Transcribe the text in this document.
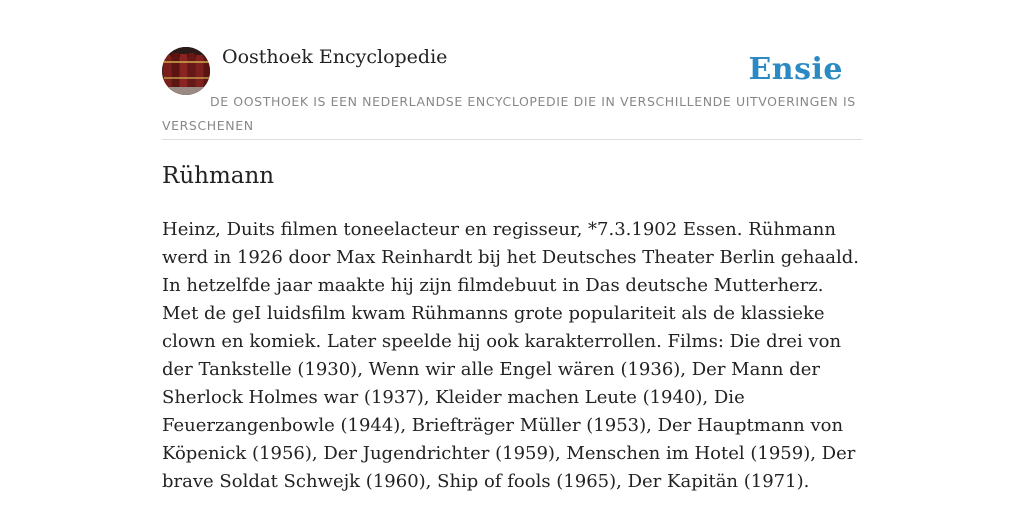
Oosthoek Encyclopedie	Ensie
DE OOSTHOEK IS EEN NEDERLANDSE ENCYCLOPEDIE DIE IN VERSCHILLENDE UITVOERINGEN IS VERSCHENEN
Rühmann

Heinz, Duits filmen toneelacteur en regisseur, *7.3.1902 Essen. Rühmann werd in 1926 door Max Reinhardt bij het Deutsches Theater Berlin gehaald. In hetzelfde jaar maakte hij zijn filmdebuut in Das deutsche Mutterherz. Met de geI luidsfilm kwam Rühmanns grote populariteit als de klassieke clown en komiek. Later speelde hij ook karakterrollen. Films: Die drei von der Tankstelle (1930), Wenn wir alle Engel wären (1936), Der Mann der Sherlock Holmes war (1937), Kleider machen Leute (1940), Die Feuerzangenbowle (1944), Briefträger Müller (1953), Der Hauptmann von Köpenick (1956), Der Jugendrichter (1959), Menschen im Hotel (1959), Der brave Soldat Schwejk (1960), Ship of fools (1965), Der Kapitän (1971).
